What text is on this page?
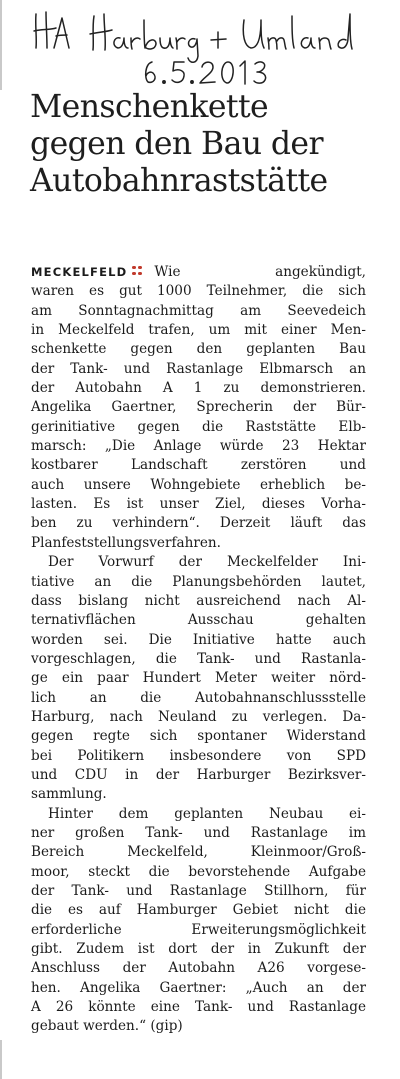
Menschenkette
gegen den Bau der
Autobahnraststätte
MECKELFELD Wie angekündigt,
waren es gut 1000 Teilnehmer, die sich
am Sonntagnachmittag am Seevedeich
in Meckelfeld trafen, um mit einer Men-
schenkette gegen den geplanten Bau
der Tank- und Rastanlage Elbmarsch an
der Autobahn A 1 zu demonstrieren.
Angelika Gaertner, Sprecherin der Bür-
gerinitiative gegen die Raststätte Elb-
marsch: „Die Anlage würde 23 Hektar
kostbarer Landschaft zerstören und
auch unsere Wohngebiete erheblich be-
lasten. Es ist unser Ziel, dieses Vorha-
ben zu verhindern“. Derzeit läuft das
Planfeststellungsverfahren.
Der Vorwurf der Meckelfelder Ini-
tiative an die Planungsbehörden lautet,
dass bislang nicht ausreichend nach Al-
ternativflächen Ausschau gehalten
worden sei. Die Initiative hatte auch
vorgeschlagen, die Tank- und Rastanla-
ge ein paar Hundert Meter weiter nörd-
lich an die Autobahnanschlussstelle
Harburg, nach Neuland zu verlegen. Da-
gegen regte sich spontaner Widerstand
bei Politikern insbesondere von SPD
und CDU in der Harburger Bezirksver-
sammlung.
Hinter dem geplanten Neubau ei-
ner großen Tank- und Rastanlage im
Bereich Meckelfeld, Kleinmoor/Groß-
moor, steckt die bevorstehende Aufgabe
der Tank- und Rastanlage Stillhorn, für
die es auf Hamburger Gebiet nicht die
erforderliche Erweiterungsmöglichkeit
gibt. Zudem ist dort der in Zukunft der
Anschluss der Autobahn A26 vorgese-
hen. Angelika Gaertner: „Auch an der
A 26 könnte eine Tank- und Rastanlage
gebaut werden.“ (gip)
